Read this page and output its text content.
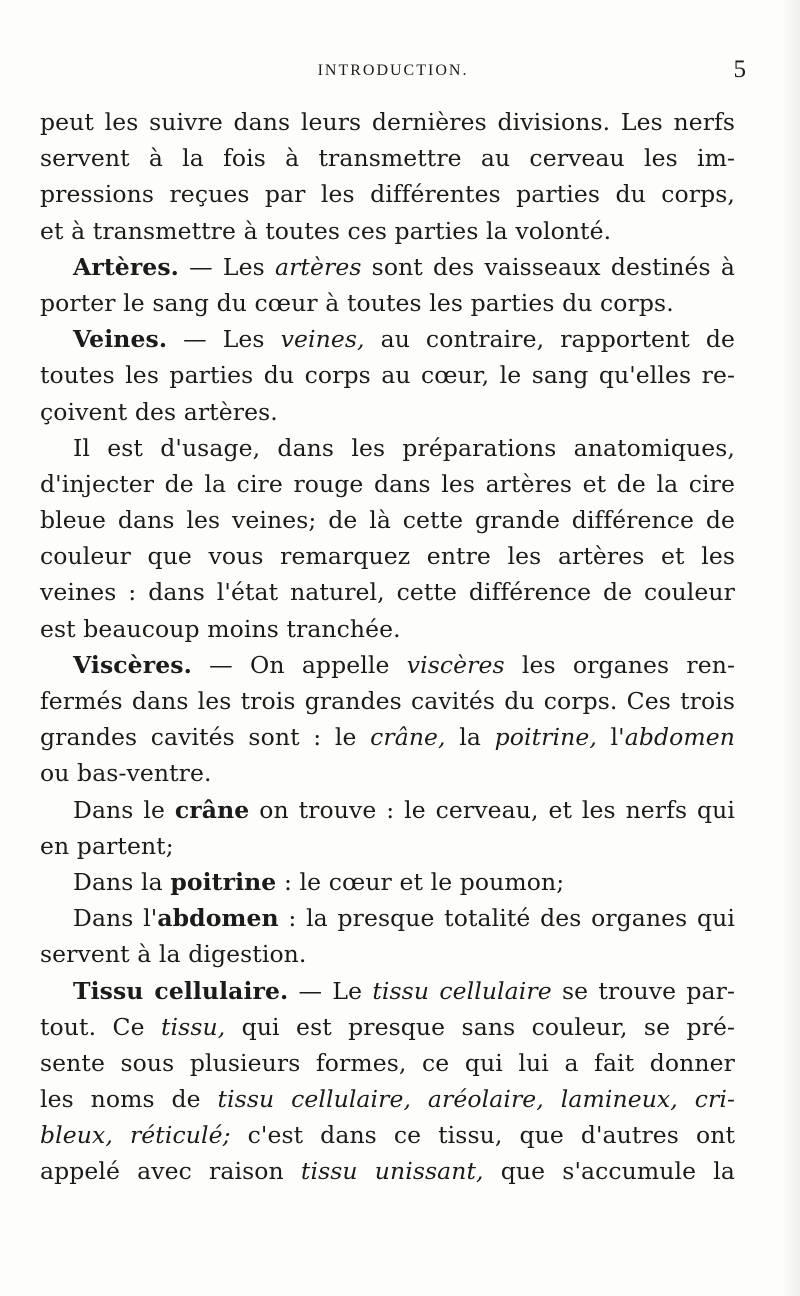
INTRODUCTION.	5
peut les suivre dans leurs dernières divisions. Les nerfs
servent à la fois à transmettre au cerveau les im-
pressions reçues par les différentes parties du corps,
et à transmettre à toutes ces parties la volonté.
Artères. — Les artères sont des vaisseaux destinés à
porter le sang du cœur à toutes les parties du corps.
Veines. — Les veines, au contraire, rapportent de
toutes les parties du corps au cœur, le sang qu'elles re-
çoivent des artères.
Il est d'usage, dans les préparations anatomiques,
d'injecter de la cire rouge dans les artères et de la cire
bleue dans les veines; de là cette grande différence de
couleur que vous remarquez entre les artères et les
veines : dans l'état naturel, cette différence de couleur
est beaucoup moins tranchée.
Viscères. — On appelle viscères les organes ren-
fermés dans les trois grandes cavités du corps. Ces trois
grandes cavités sont : le crâne, la poitrine, l'abdomen
ou bas-ventre.
Dans le crâne on trouve : le cerveau, et les nerfs qui
en partent;
Dans la poitrine : le cœur et le poumon;
Dans l'abdomen : la presque totalité des organes qui
servent à la digestion.
Tissu cellulaire. — Le tissu cellulaire se trouve par-
tout. Ce tissu, qui est presque sans couleur, se pré-
sente sous plusieurs formes, ce qui lui a fait donner
les noms de tissu cellulaire, aréolaire, lamineux, cri-
bleux, réticulé; c'est dans ce tissu, que d'autres ont
appelé avec raison tissu unissant, que s'accumule la
